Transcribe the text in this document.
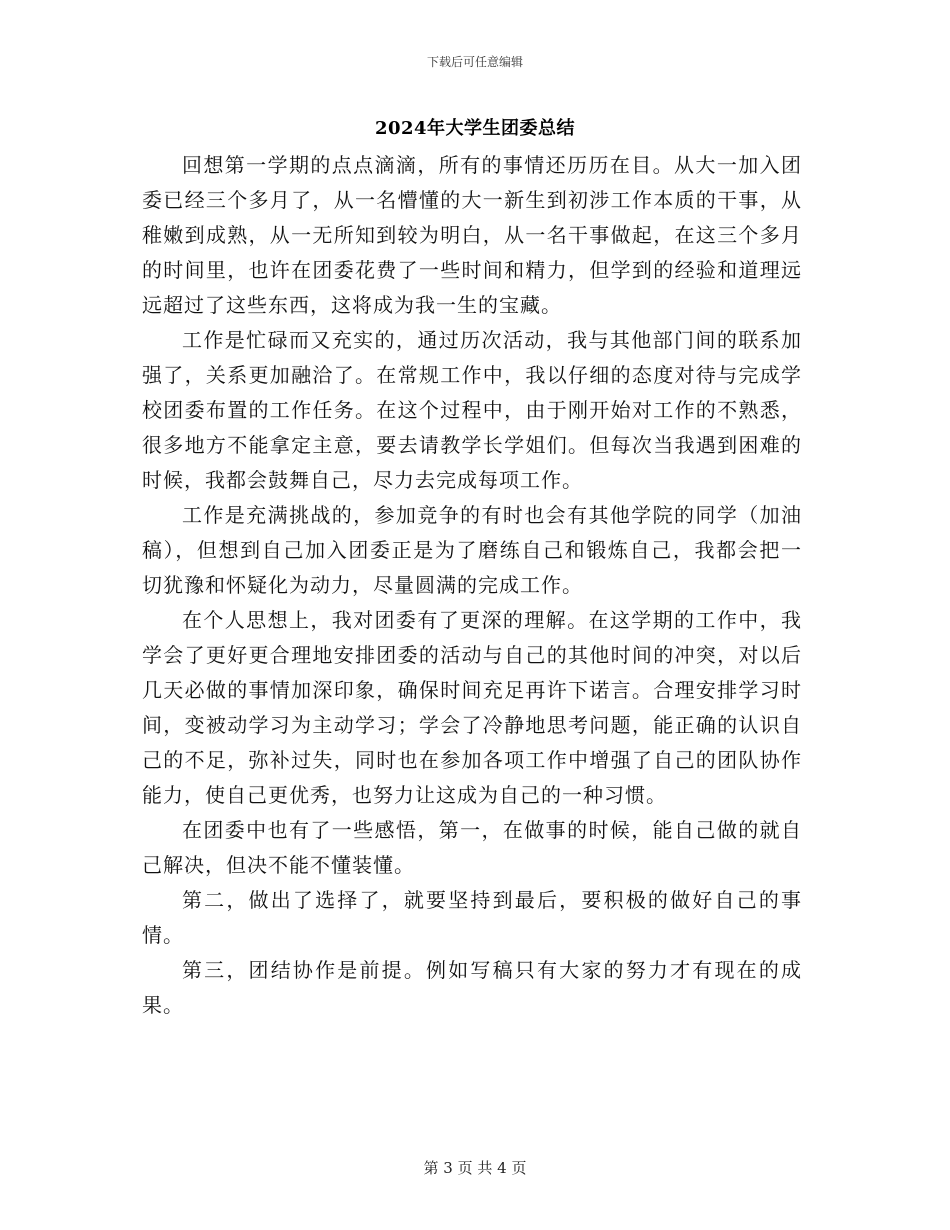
下载后可任意编辑
2024年大学生团委总结

回想第一学期的点点滴滴，所有的事情还历历在目。从大一加入团委已经三个多月了，从一名懵懂的大一新生到初涉工作本质的干事，从稚嫩到成熟，从一无所知到较为明白，从一名干事做起，在这三个多月的时间里，也许在团委花费了一些时间和精力，但学到的经验和道理远远超过了这些东西，这将成为我一生的宝藏。

工作是忙碌而又充实的，通过历次活动，我与其他部门间的联系加强了，关系更加融洽了。在常规工作中，我以仔细的态度对待与完成学校团委布置的工作任务。在这个过程中，由于刚开始对工作的不熟悉，很多地方不能拿定主意，要去请教学长学姐们。但每次当我遇到困难的时候，我都会鼓舞自己，尽力去完成每项工作。

工作是充满挑战的，参加竞争的有时也会有其他学院的同学（加油稿），但想到自己加入团委正是为了磨练自己和锻炼自己，我都会把一切犹豫和怀疑化为动力，尽量圆满的完成工作。

在个人思想上，我对团委有了更深的理解。在这学期的工作中，我学会了更好更合理地安排团委的活动与自己的其他时间的冲突，对以后几天必做的事情加深印象，确保时间充足再许下诺言。合理安排学习时间，变被动学习为主动学习；学会了冷静地思考问题，能正确的认识自己的不足，弥补过失，同时也在参加各项工作中增强了自己的团队协作能力，使自己更优秀，也努力让这成为自己的一种习惯。

在团委中也有了一些感悟，第一，在做事的时候，能自己做的就自己解决，但决不能不懂装懂。

第二，做出了选择了，就要坚持到最后，要积极的做好自己的事情。

第三，团结协作是前提。例如写稿只有大家的努力才有现在的成果。

第 3 页 共 4 页
